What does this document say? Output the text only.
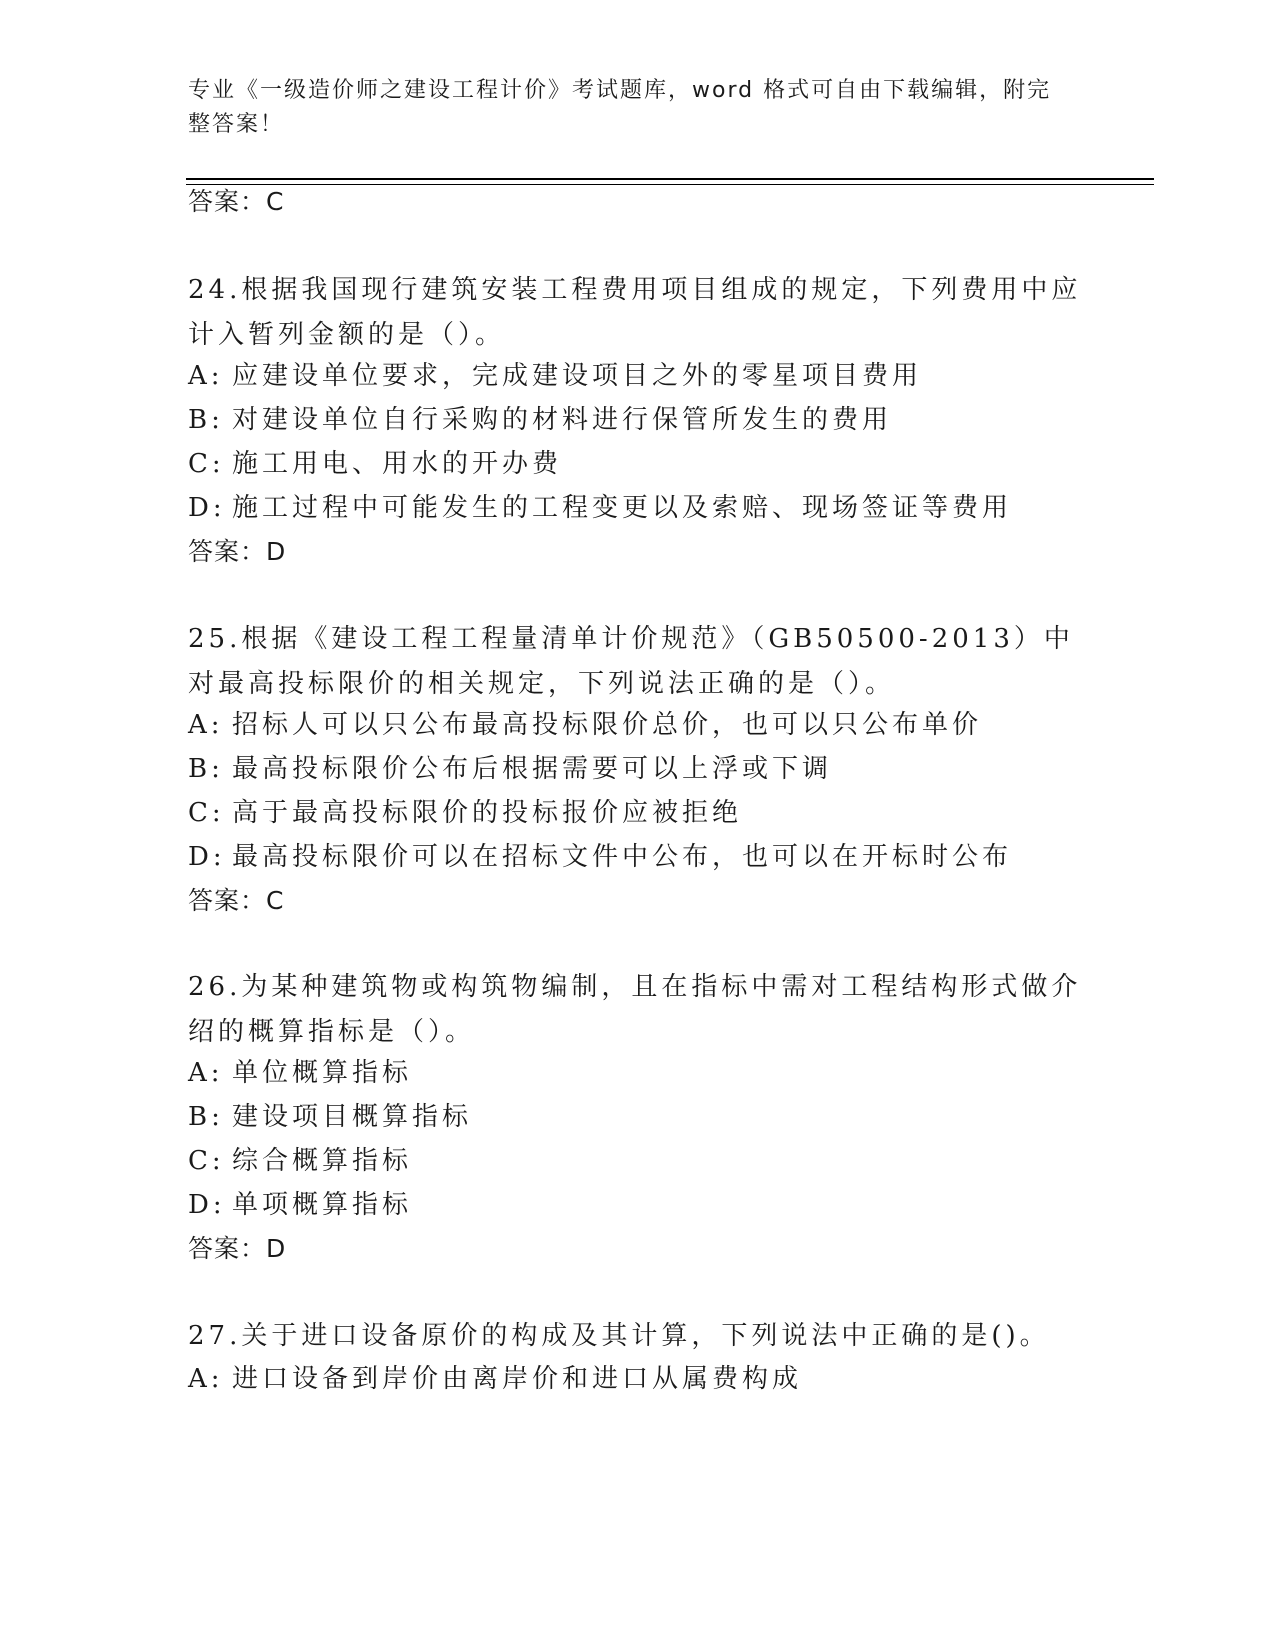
专业《一级造价师之建设工程计价》考试题库，word 格式可自由下载编辑，附完整答案！
答案：C
24.根据我国现行建筑安装工程费用项目组成的规定，下列费用中应计入暂列金额的是（）。
A: 应建设单位要求，完成建设项目之外的零星项目费用
B: 对建设单位自行采购的材料进行保管所发生的费用
C: 施工用电、用水的开办费
D: 施工过程中可能发生的工程变更以及索赔、现场签证等费用
答案：D
25.根据《建设工程工程量清单计价规范》（GB50500-2013）中对最高投标限价的相关规定，下列说法正确的是（）。
A: 招标人可以只公布最高投标限价总价，也可以只公布单价
B: 最高投标限价公布后根据需要可以上浮或下调
C: 高于最高投标限价的投标报价应被拒绝
D: 最高投标限价可以在招标文件中公布，也可以在开标时公布
答案：C
26.为某种建筑物或构筑物编制，且在指标中需对工程结构形式做介绍的概算指标是（）。
A: 单位概算指标
B: 建设项目概算指标
C: 综合概算指标
D: 单项概算指标
答案：D
27.关于进口设备原价的构成及其计算，下列说法中正确的是()。
A: 进口设备到岸价由离岸价和进口从属费构成
